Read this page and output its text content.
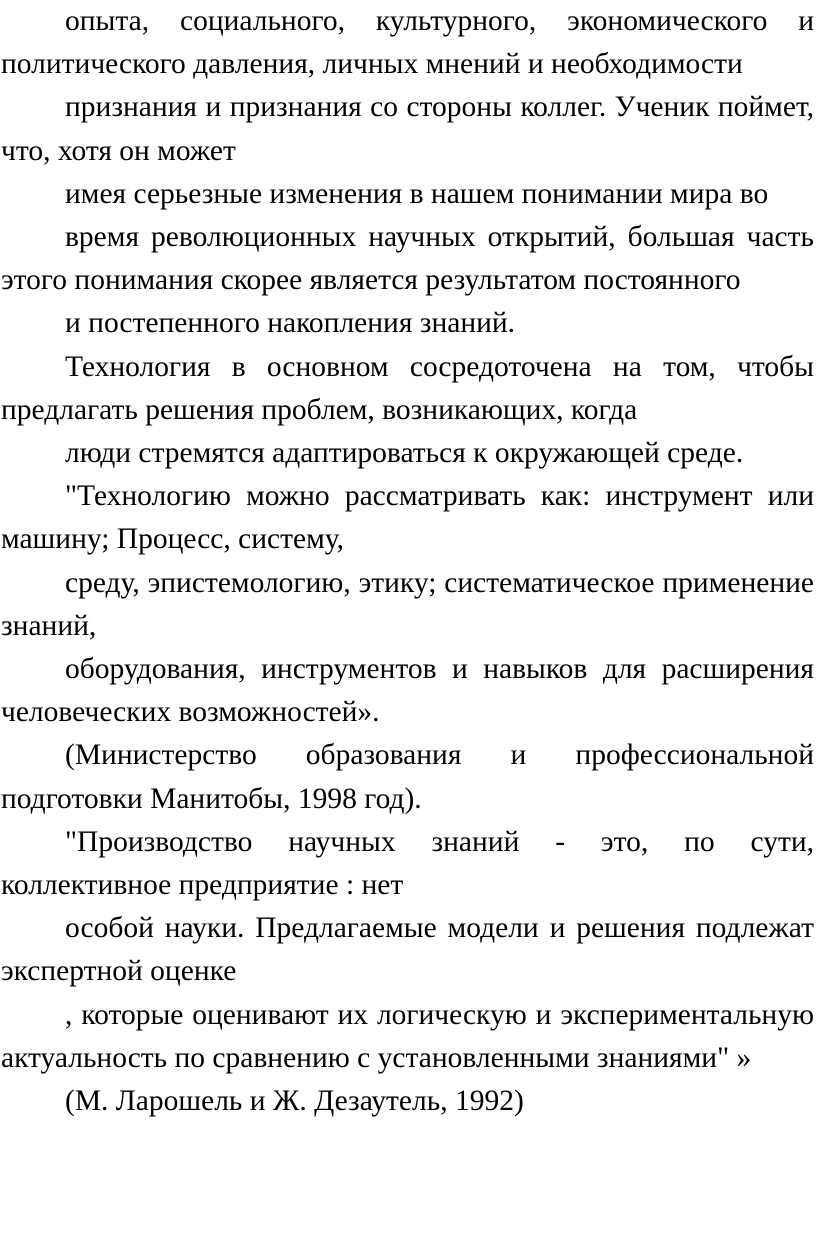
опыта, социального, культурного, экономического и политического давления, личных мнений и необходимости

признания и признания со стороны коллег. Ученик поймет, что, хотя он может

имея серьезные изменения в нашем понимании мира во

время революционных научных открытий, большая часть этого понимания скорее является результатом постоянного

и постепенного накопления знаний.

Технология в основном сосредоточена на том, чтобы предлагать решения проблем, возникающих, когда

люди стремятся адаптироваться к окружающей среде.

"Технологию можно рассматривать как: инструмент или машину; Процесс, систему,

среду, эпистемологию, этику; систематическое применение знаний,

оборудования, инструментов и навыков для расширения человеческих возможностей».

(Министерство образования и профессиональной подготовки Манитобы, 1998 год).

"Производство научных знаний - это, по сути, коллективное предприятие : нет

особой науки. Предлагаемые модели и решения подлежат экспертной оценке

, которые оценивают их логическую и экспериментальную актуальность по сравнению с установленными знаниями" »

(М. Ларошель и Ж. Дезаутель, 1992)
